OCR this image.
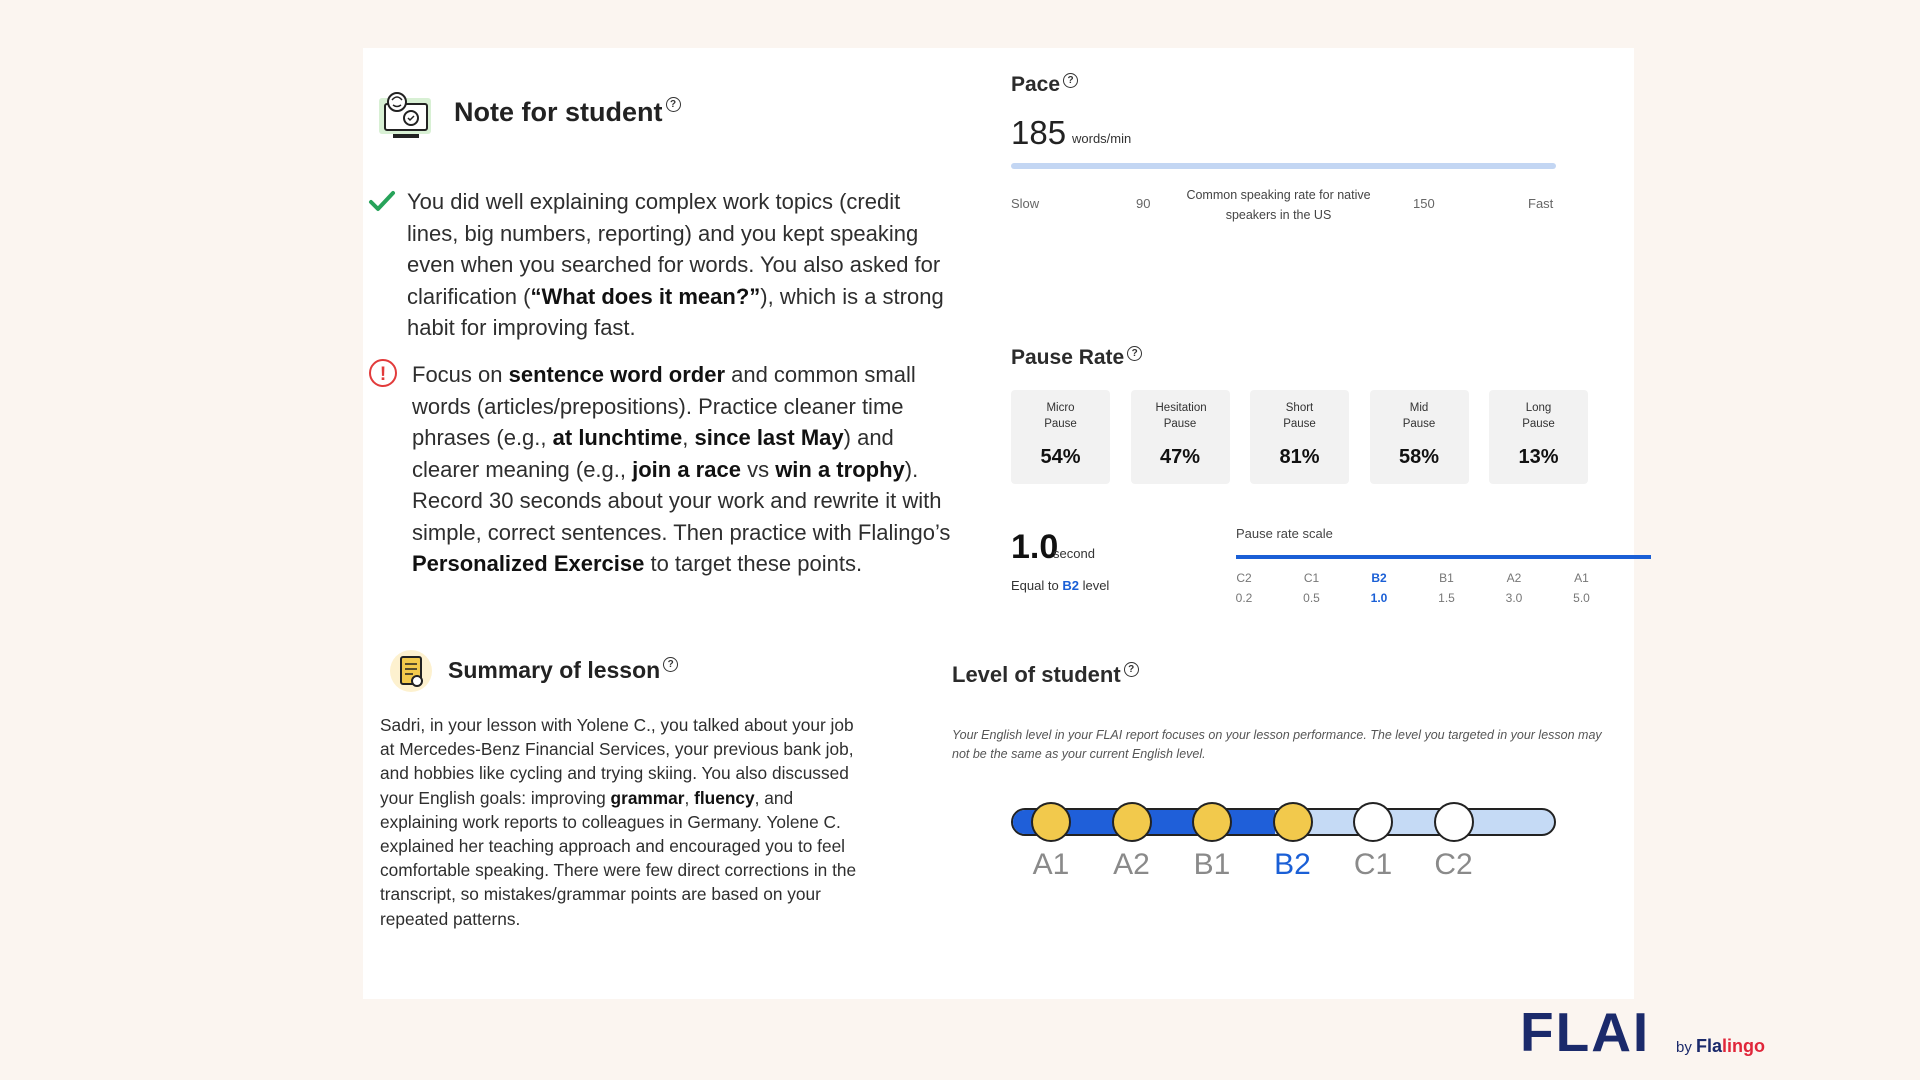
Note for student ?
You did well explaining complex work topics (credit lines, big numbers, reporting) and you kept speaking even when you searched for words. You also asked for clarification (“What does it mean?”), which is a strong habit for improving fast.
!	Focus on sentence word order and common small words (articles/prepositions). Practice cleaner time phrases (e.g., at lunchtime, since last May) and clearer meaning (e.g., join a race vs win a trophy). Record 30 seconds about your work and rewrite it with simple, correct sentences. Then practice with Flalingo’s Personalized Exercise to target these points.
Summary of lesson ?
Sadri, in your lesson with Yolene C., you talked about your job at Mercedes-Benz Financial Services, your previous bank job, and hobbies like cycling and trying skiing. You also discussed your English goals: improving grammar, fluency, and explaining work reports to colleagues in Germany. Yolene C. explained her teaching approach and encouraged you to feel comfortable speaking. There were few direct corrections in the transcript, so mistakes/grammar points are based on your repeated patterns.
Pace ?
185 words/min
Slow	90
Common speaking rate for native speakers in the US
150	Fast
Pause Rate ?
Micro Pause
54%
Hesitation Pause
47%
Short Pause
81%
Mid Pause
58%
Long Pause
13%
1.0
second
Equal to B2 level
Pause rate scale
C2
0.2
C1
0.5
B2
1.0
B1
1.5
A2
3.0
A1
5.0
Level of student ?
Your English level in your FLAI report focuses on your lesson performance. The level you targeted in your lesson may not be the same as your current English level.
A1	A2	B1	B2	C1	C2
FLAI by Flalingo
